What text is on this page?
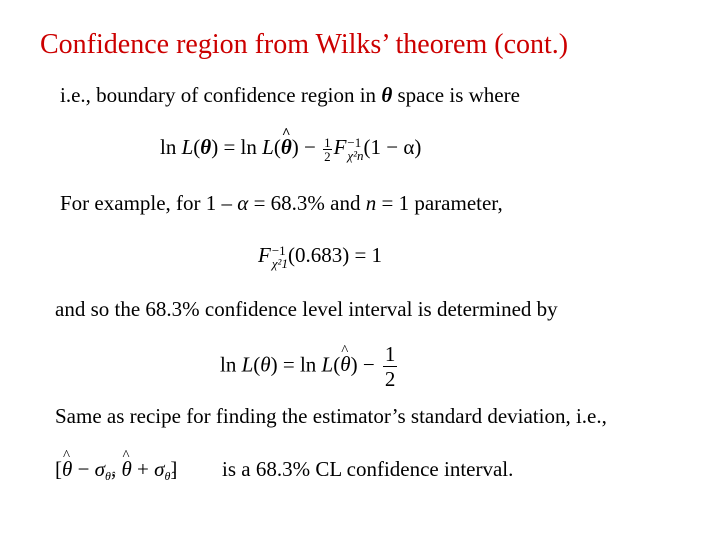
Confidence region from Wilks’ theorem (cont.)
i.e., boundary of confidence region in θ space is where
ln L(θ) = ln L(^ $\theta) - \frac{1}{2}$ F −1
χ²n (1 − α)
For example, for 1 – α = 68.3% and n = 1 parameter,
F −1
χ²1 (0.683) = 1
and so the 68.3% confidence level interval is determined by
ln L(θ) = ln L(^ $\theta) - \frac{1}{2}$
Same as recipe for finding the estimator’s standard deviation, i.e.,
[^ $\theta - \sigma_{\thetâ}$, ^ $\theta + \sigma_{\thetâ}$] is a 68.3% CL confidence interval.
